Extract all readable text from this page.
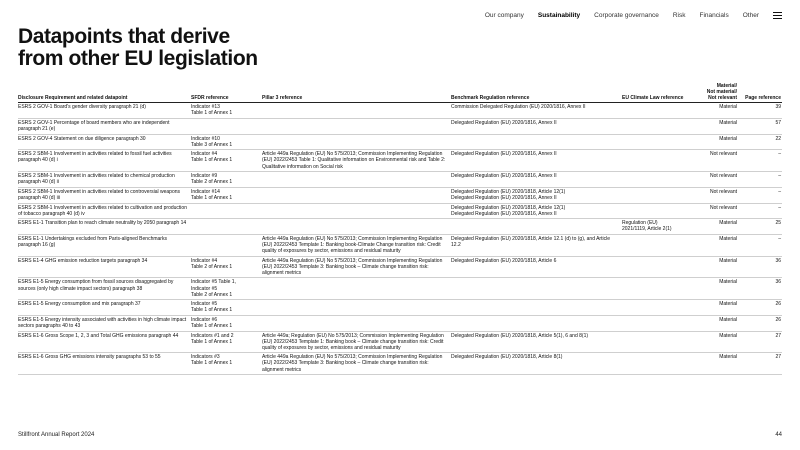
Our company Sustainability Corporate governance Risk Financials Other
Datapoints that derive
from other EU legislation
Disclosure Requirement and related datapoint	SFDR reference	Pillar 3 reference	Benchmark Regulation reference	EU Climate Law reference	Material/
Not material/
Not relevant	Page reference
ESRS 2 GOV-1 Board's gender diversity paragraph 21 (d)	Indicator #13
Table 1 of Annex 1		Commission Delegated Regulation (EU) 2020/1816, Annex II		Material	39
ESRS 2 GOV-1 Percentage of board members who are independent paragraph 21 (e)			Delegated Regulation (EU) 2020/1816, Annex II		Material	57
ESRS 2 GOV-4 Statement on due diligence paragraph 30	Indicator #10
Table 3 of Annex 1				Material	22
ESRS 2 SBM-1 Involvement in activities related to fossil fuel activities paragraph 40 (d) i	Indicator #4
Table 1 of Annex 1	Article 449a Regulation (EU) No 575/2013; Commission Implementing Regulation (EU) 2022/2453 Table 1: Qualitative information on Environmental risk and Table 2: Qualitative information on Social risk	Delegated Regulation (EU) 2020/1816, Annex II		Not relevant	–
ESRS 2 SBM-1 Involvement in activities related to chemical production paragraph 40 (d) ii	Indicator #9
Table 2 of Annex 1		Delegated Regulation (EU) 2020/1816, Annex II		Not relevant	–
ESRS 2 SBM-1 Involvement in activities related to controversial weapons paragraph 40 (d) iii	Indicator #14
Table 1 of Annex 1		Delegated Regulation (EU) 2020/1818, Article 12(1)
Delegated Regulation (EU) 2020/1816, Annex II		Not relevant	–
ESRS 2 SBM-1 Involvement in activities related to cultivation and production of tobacco paragraph 40 (d) iv			Delegated Regulation (EU) 2020/1818, Article 12(1)
Delegated Regulation (EU) 2020/1816, Annex II		Not relevant	–
ESRS E1-1 Transition plan to reach climate neutrality by 2050 paragraph 14				Regulation (EU)
2021/1119, Article 2(1)	Material	25
ESRS E1-1 Undertakings excluded from Paris-aligned Benchmarks paragraph 16 (g)		Article 449a Regulation (EU) No 575/2013; Commission Implementing Regulation (EU) 2022/2453 Template 1: Banking book-Climate Change transition risk: Credit quality of exposures by sector, emissions and residual maturity	Delegated Regulation (EU) 2020/1818, Article 12.1 (d) to (g), and Article 12.2		Material	–
ESRS E1-4 GHG emission reduction targets paragraph 34	Indicator #4
Table 2 of Annex 1	Article 449a Regulation (EU) No 575/2013; Commission Implementing Regulation (EU) 2022/2453 Template 3: Banking book – Climate change transition risk: alignment metrics	Delegated Regulation (EU) 2020/1818, Article 6		Material	36
ESRS E1-5 Energy consumption from fossil sources disaggregated by sources (only high climate impact sectors) paragraph 38	Indicator #5 Table 1,
Indicator #5
Table 2 of Annex 1				Material	36
ESRS E1-5 Energy consumption and mix paragraph 37	Indicator #5
Table 1 of Annex 1				Material	26
ESRS E1-5 Energy intensity associated with activities in high climate impact sectors paragraphs 40 to 43	Indicator #6
Table 1 of Annex 1				Material	26
ESRS E1-6 Gross Scope 1, 2, 3 and Total GHG emissions paragraph 44	Indicators #1 and 2
Table 1 of Annex 1	Article 449a; Regulation (EU) No 575/2013; Commission Implementing Regulation (EU) 2022/2453 Template 1: Banking book – Climate change transition risk: Credit quality of exposures by sector, emissions and residual maturity	Delegated Regulation (EU) 2020/1818, Article 5(1), 6 and 8(1)		Material	27
ESRS E1-6 Gross GHG emissions intensity paragraphs 53 to 55	Indicators #3
Table 1 of Annex 1	Article 449a Regulation (EU) No 575/2013; Commission Implementing Regulation (EU) 2022/2453 Template 3: Banking book – Climate change transition risk: alignment metrics	Delegated Regulation (EU) 2020/1818, Article 8(1)		Material	27
Stillfront Annual Report 2024	44
